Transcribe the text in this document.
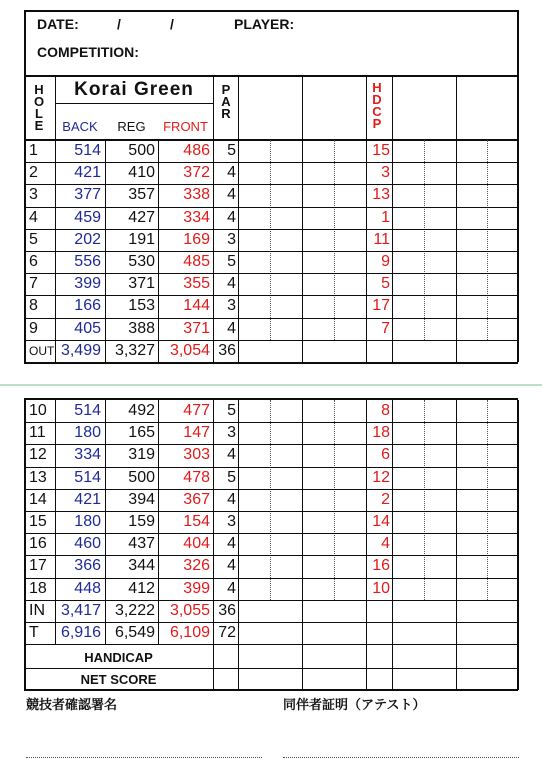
DATE:	/	/	PLAYER:
COMPETITION:
H
O
L
E
P
A
R
H
D
C
P
Korai Green
BACK	REG	FRONT
1	514	500	486	5	15
2	421	410	372	4	3
3	377	357	338	4	13
4	459	427	334	4	1
5	202	191	169	3	11
6	556	530	485	5	9
7	399	371	355	4	5
8	166	153	144	3	17
9	405	388	371	4	7
OUT 3,499 3,327 3,054 36
10	514	492	477	5	8
11	180	165	147	3	18
12	334	319	303	4	6
13	514	500	478	5	12
14	421	394	367	4	2
15	180	159	154	3	14
16	460	437	404	4	4
17	366	344	326	4	16
18	448	412	399	4	10
IN 3,417 3,222 3,055 36
T	6,916 6,549 6,109 72
HANDICAP
NET SCORE
競技者確認署名	同伴者証明（アテスト）
